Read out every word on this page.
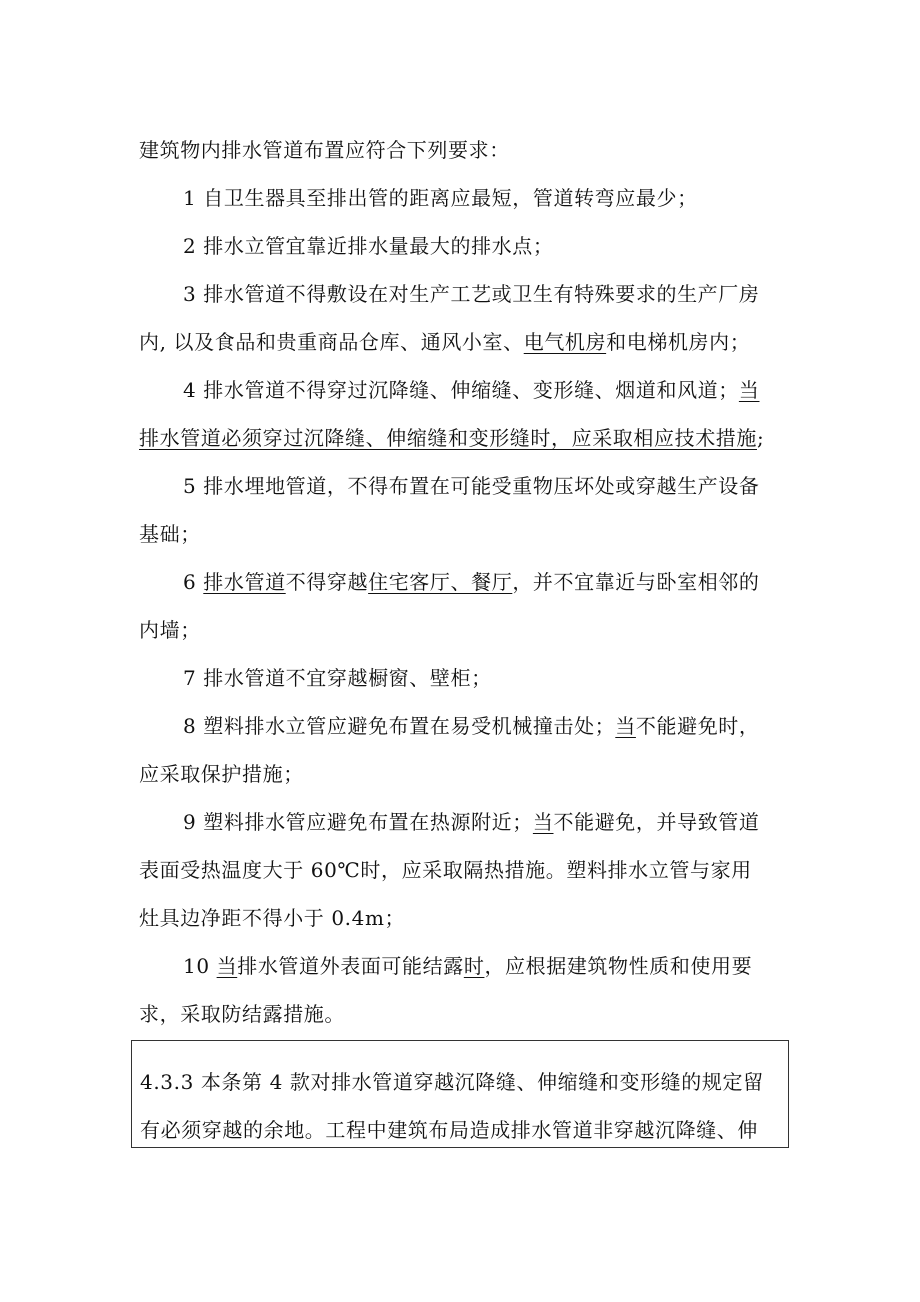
建筑物内排水管道布置应符合下列要求：
1 自卫生器具至排出管的距离应最短，管道转弯应最少；
2 排水立管宜靠近排水量最大的排水点；
3 排水管道不得敷设在对生产工艺或卫生有特殊要求的生产厂房
内, 以及食品和贵重商品仓库、通风小室、电气机房和电梯机房内；
4 排水管道不得穿过沉降缝、伸缩缝、变形缝、烟道和风道；当
排水管道必须穿过沉降缝、伸缩缝和变形缝时，应采取相应技术措施;
5 排水埋地管道，不得布置在可能受重物压坏处或穿越生产设备
基础；
6 排水管道不得穿越住宅客厅、餐厅，并不宜靠近与卧室相邻的
内墙；
7 排水管道不宜穿越橱窗、壁柜；
8 塑料排水立管应避免布置在易受机械撞击处；当不能避免时，
应采取保护措施；
9 塑料排水管应避免布置在热源附近；当不能避免，并导致管道
表面受热温度大于 60℃时，应采取隔热措施。塑料排水立管与家用
灶具边净距不得小于 0.4m；
10 当排水管道外表面可能结露时，应根据建筑物性质和使用要
求，采取防结露措施。
4.3.3 本条第 4 款对排水管道穿越沉降缝、伸缩缝和变形缝的规定留
有必须穿越的余地。工程中建筑布局造成排水管道非穿越沉降缝、伸
